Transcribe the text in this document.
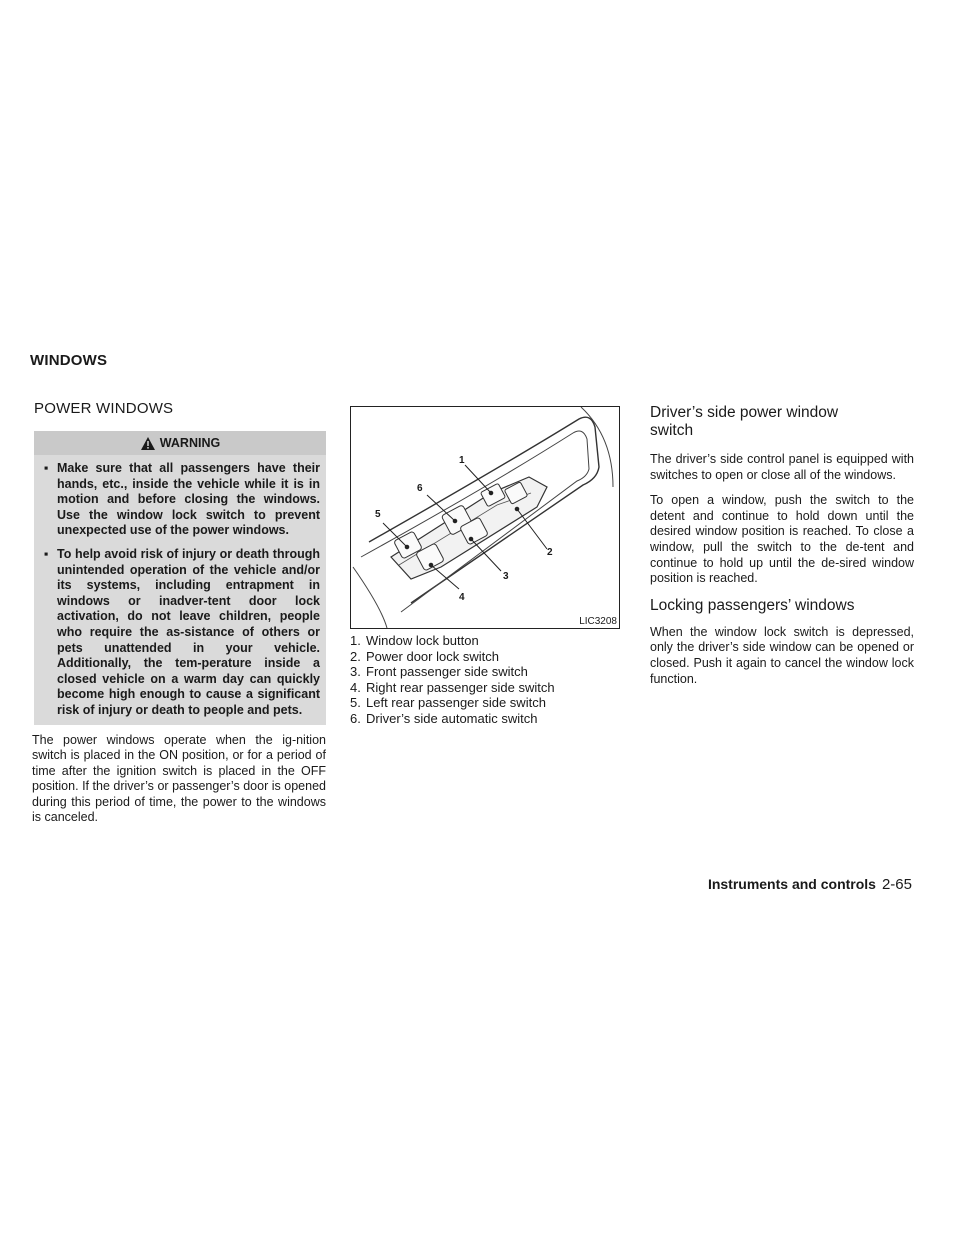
WINDOWS
POWER WINDOWS
WARNING
▪ Make sure that all passengers have their hands, etc., inside the vehicle while it is in motion and before closing the windows. Use the window lock switch to prevent unexpected use of the power windows.
▪ To help avoid risk of injury or death through unintended operation of the vehicle and/or its systems, including entrapment in windows or inadver-tent door lock activation, do not leave children, people who require the as-sistance of others or pets unattended in your vehicle. Additionally, the tem-perature inside a closed vehicle on a warm day can quickly become high enough to cause a significant risk of injury or death to people and pets.

The power windows operate when the ig-nition switch is placed in the ON position, or for a period of time after the ignition switch is placed in the OFF position. If the driver’s or passenger’s door is opened during this period of time, the power to the windows is canceled.

1
2
3
4
5
6
LIC3208
1. Window lock button
2. Power door lock switch
3. Front passenger side switch
4. Right rear passenger side switch
5. Left rear passenger side switch
6. Driver’s side automatic switch
Driver’s side power window switch

The driver’s side control panel is equipped with switches to open or close all of the windows.

To open a window, push the switch to the detent and continue to hold down until the desired window position is reached. To close a window, pull the switch to the de-tent and continue to hold up until the de-sired window position is reached.

Locking passengers’ windows

When the window lock switch is depressed, only the driver’s side window can be opened or closed. Push it again to cancel the window lock function.

Instruments and controls 2-65
